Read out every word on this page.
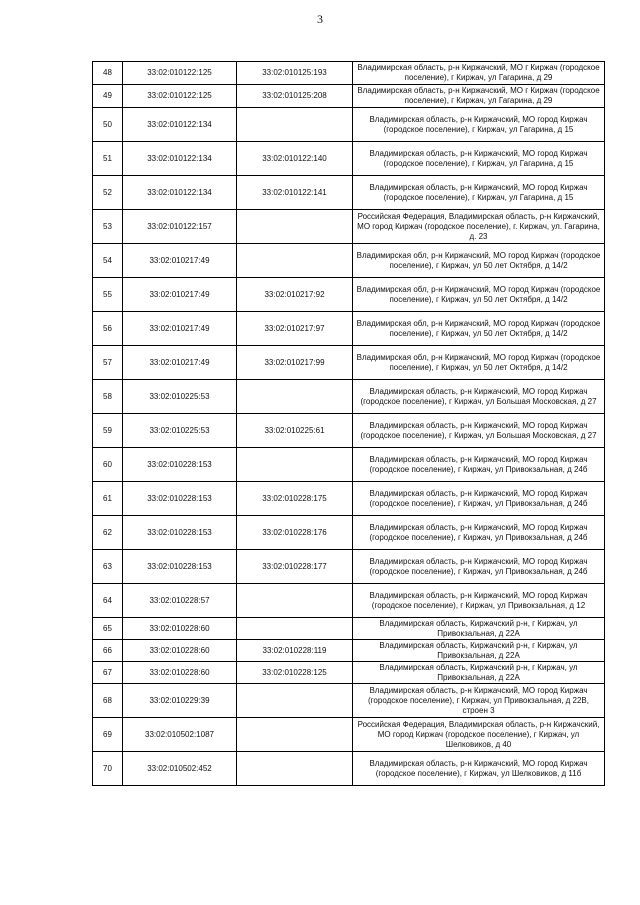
3
48	33:02:010122:125	33:02:010125:193	Владимирская область, р-н Киржачский, МО г Киржач (городское поселение), г Киржач, ул Гагарина, д 29
49	33:02:010122:125	33:02:010125:208	Владимирская область, р-н Киржачский, МО г Киржач (городское поселение), г Киржач, ул Гагарина, д 29
50	33:02:010122:134		Владимирская область, р-н Киржачский, МО город Киржач (городское поселение), г Киржач, ул Гагарина, д 15
51	33:02:010122:134	33:02:010122:140	Владимирская область, р-н Киржачский, МО город Киржач (городское поселение), г Киржач, ул Гагарина, д 15
52	33:02:010122:134	33:02:010122:141	Владимирская область, р-н Киржачский, МО город Киржач (городское поселение), г Киржач, ул Гагарина, д 15
53	33:02:010122:157		Российская Федерация, Владимирская область, р-н Киржачский, МО город Киржач (городское поселение), г. Киржач, ул. Гагарина, д. 23
54	33:02:010217:49		Владимирская обл, р-н Киржачский, МО город Киржач (городское поселение), г Киржач, ул 50 лет Октября, д 14/2
55	33:02:010217:49	33:02:010217:92	Владимирская обл, р-н Киржачский, МО город Киржач (городское поселение), г Киржач, ул 50 лет Октября, д 14/2
56	33:02:010217:49	33:02:010217:97	Владимирская обл, р-н Киржачский, МО город Киржач (городское поселение), г Киржач, ул 50 лет Октября, д 14/2
57	33:02:010217:49	33:02:010217:99	Владимирская обл, р-н Киржачский, МО город Киржач (городское поселение), г Киржач, ул 50 лет Октября, д 14/2
58	33:02:010225:53		Владимирская область, р-н Киржачский, МО город Киржач (городское поселение), г Киржач, ул Большая Московская, д 27
59	33:02:010225:53	33:02:010225:61	Владимирская область, р-н Киржачский, МО город Киржач (городское поселение), г Киржач, ул Большая Московская, д 27
60	33:02:010228:153		Владимирская область, р-н Киржачский, МО город Киржач (городское поселение), г Киржач, ул Привокзальная, д 24б
61	33:02:010228:153	33:02:010228:175	Владимирская область, р-н Киржачский, МО город Киржач (городское поселение), г Киржач, ул Привокзальная, д 24б
62	33:02:010228:153	33:02:010228:176	Владимирская область, р-н Киржачский, МО город Киржач (городское поселение), г Киржач, ул Привокзальная, д 24б
63	33:02:010228:153	33:02:010228:177	Владимирская область, р-н Киржачский, МО город Киржач (городское поселение), г Киржач, ул Привокзальная, д 24б
64	33:02:010228:57		Владимирская область, р-н Киржачский, МО город Киржач (городское поселение), г Киржач, ул Привокзальная, д 12
65	33:02:010228:60		Владимирская область, Киржачский р-н, г Киржач, ул Привокзальная, д 22А
66	33:02:010228:60	33:02:010228:119	Владимирская область, Киржачский р-н, г Киржач, ул Привокзальная, д 22А
67	33:02:010228:60	33:02:010228:125	Владимирская область, Киржачский р-н, г Киржач, ул Привокзальная, д 22А
68	33:02:010229:39		Владимирская область, р-н Киржачский, МО город Киржач (городское поселение), г Киржач, ул Привокзальная, д 22В, строен 3
69	33:02:010502:1087		Российская Федерация, Владимирская область, р-н Киржачский, МО город Киржач (городское поселение), г Киржач, ул Шелковиков, д 40
70	33:02:010502:452		Владимирская область, р-н Киржачский, МО город Киржач (городское поселение), г Киржач, ул Шелковиков, д 11б
